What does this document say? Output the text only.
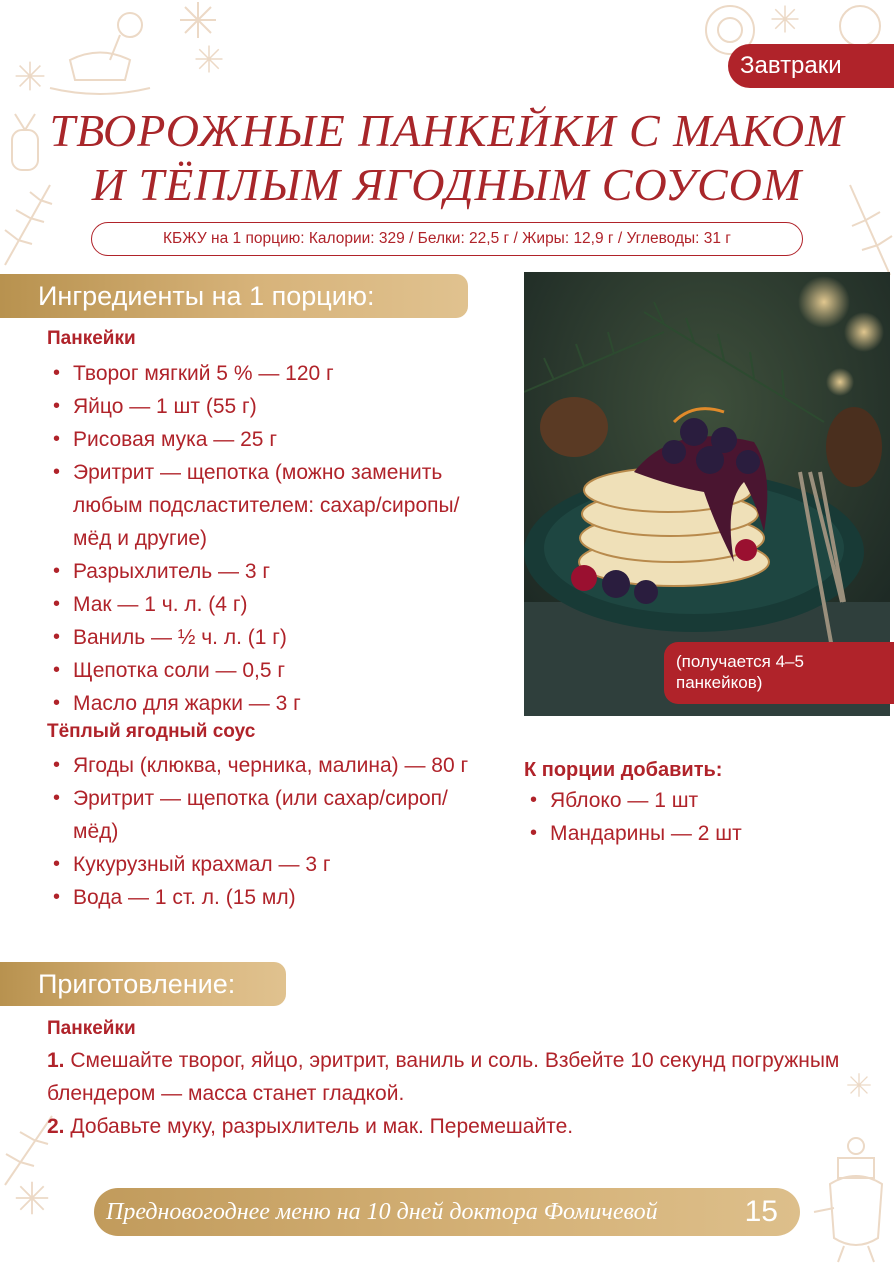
Завтраки
ТВОРОЖНЫЕ ПАНКЕЙКИ С МАКОМ
И ТЁПЛЫМ ЯГОДНЫМ СОУСОМ
КБЖУ на 1 порцию: Калории: 329 / Белки: 22,5 г / Жиры: 12,9 г / Углеводы: 31 г
Ингредиенты на 1 порцию:
Панкейки
• Творог мягкий 5 % — 120 г
• Яйцо — 1 шт (55 г)
• Рисовая мука — 25 г
• Эритрит — щепотка (можно заменить любым подсластителем: сахар/сиропы/мёд и другие)
• Разрыхлитель — 3 г
• Мак — 1 ч. л. (4 г)
• Ваниль — ½ ч. л. (1 г)
• Щепотка соли — 0,5 г
• Масло для жарки — 3 г
Тёплый ягодный соус
• Ягоды (клюква, черника, малина) — 80 г
• Эритрит — щепотка (или сахар/сироп/мёд)
• Кукурузный крахмал — 3 г
• Вода — 1 ст. л. (15 мл)
(получается 4–5 панкейков)
К порции добавить:
• Яблоко — 1 шт
• Мандарины — 2 шт
Приготовление:
Панкейки

1. Смешайте творог, яйцо, эритрит, ваниль и соль. Взбейте 10 секунд погружным блендером — масса станет гладкой.

2. Добавьте муку, разрыхлитель и мак. Перемешайте.

Предновогоднее меню на 10 дней доктора Фомичевой	15
